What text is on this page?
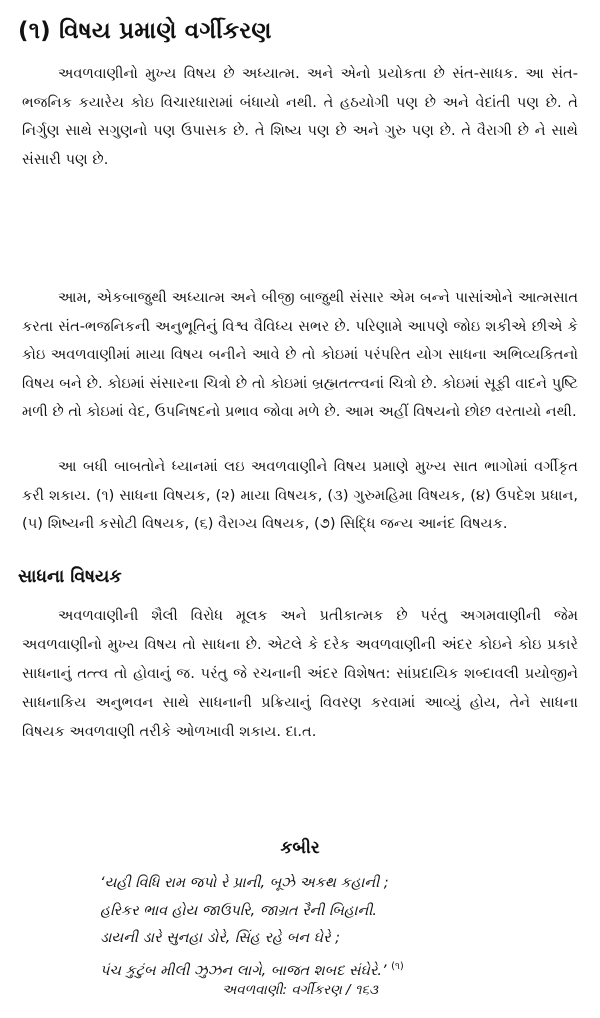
(૧) વિષય પ્રમાણે વર્ગીકરણ

અવળવાણીનો મુખ્ય વિષય છે અધ્યાત્મ. અને એનો પ્રયોકતા છે સંત-સાધક. આ સંત-ભજનિક કયારેય કોઇ વિચારધારામાં બંધાયો નથી. તે હઠયોગી પણ છે અને વેદાંતી પણ છે. તે નિર્ગુણ સાથે સગુણનો પણ ઉપાસક છે. તે શિષ્ય પણ છે અને ગુરુ પણ છે. તે વૈરાગી છે ને સાથે સંસારી પણ છે.

આમ, એકબાજુથી અધ્યાત્મ અને બીજી બાજુથી સંસાર એમ બન્ને પાસાંઓને આત્મસાત કરતા સંત-ભજનિકની અનુભૂતિનું વિશ્વ વૈવિધ્ય સભર છે. પરિણામે આપણે જોઇ શકીએ છીએ કે કોઇ અવળવાણીમાં માયા વિષય બનીને આવે છે તો કોઇમાં પરંપરિત યોગ સાધના અભિવ્યકિતનો વિષય બને છે. કોઇમાં સંસારના ચિત્રો છે તો કોઇમાં બ્રહ્મતત્ત્વનાં ચિત્રો છે. કોઇમાં સૂફી વાદને પુષ્ટિ મળી છે તો કોઇમાં વેદ, ઉપનિષદનો પ્રભાવ જોવા મળે છે. આમ અહીં વિષયનો છોછ વરતાયો નથી.

આ બધી બાબતોને ધ્યાનમાં લઇ અવળવાણીને વિષય પ્રમાણે મુખ્ય સાત ભાગોમાં વર્ગીકૃત કરી શકાય. (૧) સાધના વિષયક, (૨) માયા વિષયક, (૩) ગુરુમહિમા વિષયક, (૪) ઉપદેશ પ્રધાન, (૫) શિષ્યની કસોટી વિષયક, (૬) વૈરાગ્ય વિષયક, (૭) સિદ્ધિ જન્ય આનંદ વિષયક.

સાધના વિષયક

અવળવાણીની શૈલી વિરોધ મૂલક અને પ્રતીકાત્મક છે પરંતુ અગમવાણીની જેમ અવળવાણીનો મુખ્ય વિષય તો સાધના છે. એટલે કે દરેક અવળવાણીની અંદર કોઇને કોઇ પ્રકારે સાધનાનું તત્ત્વ તો હોવાનું જ. પરંતુ જે રચનાની અંદર વિશેષત: સાંપ્રદાયિક શબ્દાવલી પ્રયોજીને સાધનાકિય અનુભવન સાથે સાધનાની પ્રક્રિયાનું વિવરણ કરવામાં આવ્યું હોય, તેને સાધના વિષયક અવળવાણી તરીકે ઓળખાવી શકાય. દા.ત.

કબીર

‘યહી વિધિ રામ જપો રે પ્રાની, બૂઝે અકથ કહાની ;
હરિકર ભાવ હોય જાઉપરિ, જાગ્રત રૈની બિહાની.
ડાયની ડારે સુનહા ડોરે, સિંહ રહે બન ઘેરે ;
પંચ કુટુંબ મીલી ઝુઝન લાગે, બાજત શબદ સંઘેરે.’ $^{(૧)}$

અવળવાણી: વર્ગીકરણ / ૧૬૩
